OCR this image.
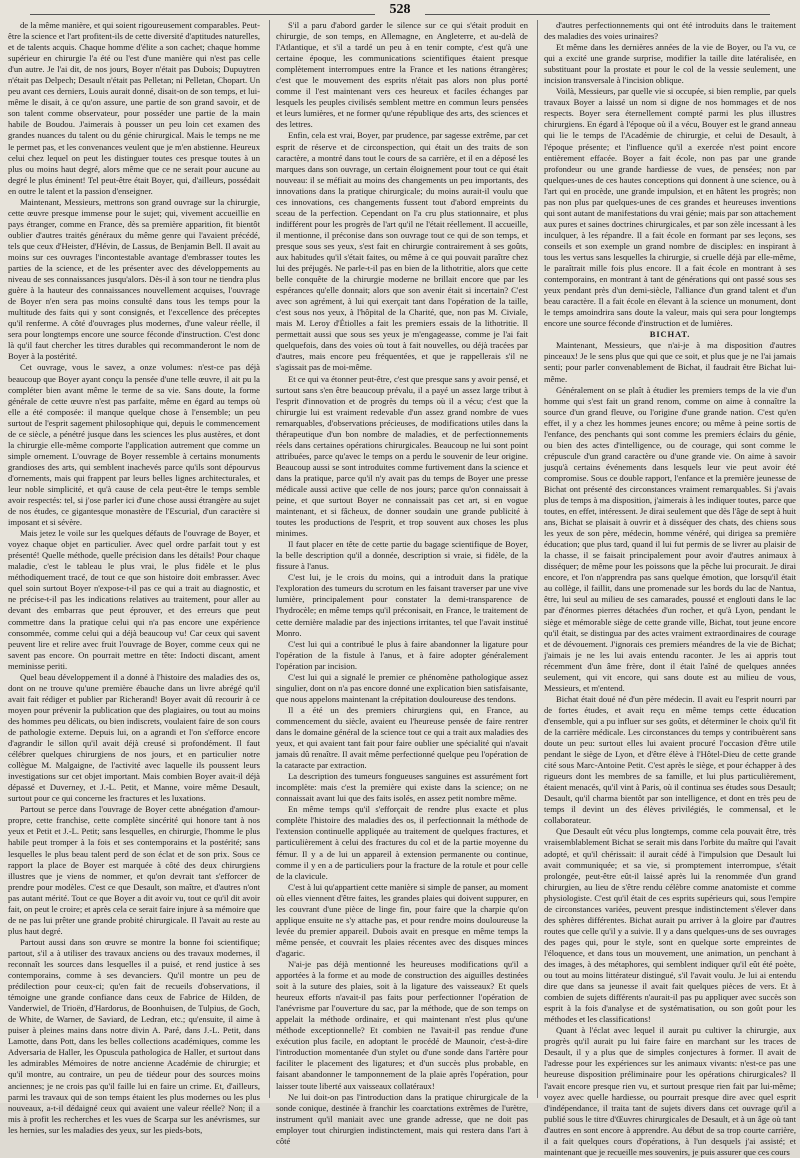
528

de la même manière, et qui soient rigoureusement comparables. Peut-être la science et l'art profitent-ils de cette diversité d'aptitudes naturelles, et de talents acquis. Chaque homme d'élite a son cachet; chaque homme supérieur en chirurgie l'a été ou l'est d'une manière qui n'est pas celle d'un autre. Je l'ai dit, de nos jours, Boyer n'était pas Dubois; Dupuytren n'était pas Delpech; Desault n'était pas Pelletan; ni Pelletan, Chopart. Un peu avant ces derniers, Louis aurait donné, disait-on de son temps, et lui-même le disait, à ce qu'on assure, une partie de son grand savoir, et de son talent comme observateur, pour posséder une partie de la main habile de Boudou. J'aimerais à pousser un peu loin cet examen des grandes nuances du talent ou du génie chirurgical. Mais le temps ne me le permet pas, et les convenances veulent que je m'en abstienne. Heureux celui chez lequel on peut les distinguer toutes ces presque toutes à un plus ou moins haut degré, alors même que ce ne serait pour aucune au degré le plus éminent! Tel peut-être était Boyer, qui, d'ailleurs, possédait en outre le talent et la passion d'enseigner.

Maintenant, Messieurs, mettrons son grand ouvrage sur la chirurgie, cette œuvre presque immense pour le sujet; qui, vivement accueillie en pays étranger, comme en France, dès sa première apparition, fit bientôt oublier d'autres traités généraux du même genre qui l'avaient précédé, tels que ceux d'Heister, d'Hévin, de Lassus, de Benjamin Bell. Il avait au moins sur ces ouvrages l'incontestable avantage d'embrasser toutes les parties de la science, et de les présenter avec des développements au niveau de ses connaissances jusqu'alors. Dès-il à son tour ne tiendra plus guère à la hauteur des connaissances nouvellement acquises, l'ouvrage de Boyer n'en sera pas moins consulté dans tous les temps pour la multitude des faits qui y sont consignés, et l'excellence des préceptes qu'il renferme. A côté d'ouvrages plus modernes, d'une valeur réelle, il sera pour longtemps encore une source féconde d'instruction. C'est donc là qu'il faut chercher les titres durables qui recommanderont le nom de Boyer à la postérité.

Cet ouvrage, vous le savez, a onze volumes: n'est-ce pas déjà beaucoup que Boyer ayant conçu la pensée d'une telle œuvre, il ait pu la compléter bien avant même le terme de sa vie. Sans doute, la forme générale de cette œuvre n'est pas parfaite, même en égard au temps où elle a été composée: il manque quelque chose à l'ensemble; un peu surtout de l'esprit sagement philosophique qui, depuis le commencement de ce siècle, a pénétré jusque dans les sciences les plus austères, et dont la chirurgie elle-même comporte l'application autrement que comme un simple ornement. L'ouvrage de Boyer ressemble à certains monuments grandioses des arts, qui semblent inachevés parce qu'ils sont dépourvus d'ornements, mais qui frappent par leurs belles lignes architecturales, et leur noble simplicité, et qu'à cause de cela peut-être le temps semble avoir respectés: tel, si j'ose parler ici d'une chose aussi étrangère au sujet de nos études, ce gigantesque monastère de l'Escurial, d'un caractère si imposant et si sévère.

Mais jetez le voile sur les quelques défauts de l'ouvrage de Boyer, et voyez chaque objet en particulier. Avec quel ordre parfait tout y est présenté! Quelle méthode, quelle précision dans les détails! Pour chaque maladie, c'est le tableau le plus vrai, le plus fidèle et le plus méthodiquement tracé, de tout ce que son histoire doit embrasser. Avec quel soin surtout Boyer n'expose-t-il pas ce qui a trait au diagnostic, et ne précise-t-il pas les indications relatives au traitement, pour aller au devant des embarras que peut éprouver, et des erreurs que peut commettre dans la pratique celui qui n'a pas encore une expérience consommée, comme celui qui a déjà beaucoup vu! Car ceux qui savent peuvent lire et relire avec fruit l'ouvrage de Boyer, comme ceux qui ne savent pas encore. On pourrait mettre en tête: Indocti discant, ament meminisse periti.

Quel beau développement il a donné à l'histoire des maladies des os, dont on ne trouve qu'une première ébauche dans un livre abrégé qu'il avait fait rédiger et publier par Richerand! Boyer avait dû recourir à ce moyen pour prévenir la publication que des plagiaires, ou tout au moins des hommes peu délicats, ou bien indiscrets, voulaient faire de son cours de pathologie externe. Depuis lui, on a agrandi et l'on s'efforce encore d'agrandir le sillon qu'il avait déjà creusé si profondément. Il faut célébrer quelques chirurgiens de nos jours, et en particulier notre collègue M. Malgaigne, de l'activité avec laquelle ils poussent leurs investigations sur cet objet important. Mais combien Boyer avait-il déjà dépassé et Duverney, et J.-L. Petit, et Manne, voire même Desault, surtout pour ce qui concerne les fractures et les luxations.

Partout se perce dans l'ouvrage de Boyer cette abnégation d'amour-propre, cette franchise, cette complète sincérité qui honore tant à nos yeux et Petit et J.-L. Petit; sans lesquelles, en chirurgie, l'homme le plus habile peut tromper à la fois et ses contemporains et la postérité; sans lesquelles le plus beau talent perd de son éclat et de son prix. Sous ce rapport la place de Boyer est marquée à côté des deux chirurgiens illustres que je viens de nommer, et qu'on devrait tant s'efforcer de prendre pour modèles. C'est ce que Desault, son maître, et d'autres n'ont pas autant mérité. Tout ce que Boyer a dit avoir vu, tout ce qu'il dit avoir fait, on peut le croire; et après cela ce serait faire injure à sa mémoire que de ne pas lui prêter une grande probité chirurgicale. Il l'avait au reste au plus haut degré.

Partout aussi dans son œuvre se montre la bonne foi scientifique; partout, s'il a à utiliser des travaux anciens ou des travaux modernes, il reconnaît les sources dans lesquelles il a puisé, et rend justice à ses contemporains, comme à ses devanciers. Qu'il montre un peu de prédilection pour ceux-ci; qu'en fait de recueils d'observations, il témoigne une grande confiance dans ceux de Fabrice de Hilden, de Vanderwiel, de Trioën, d'Hardorus, de Boonhuisen, de Tulpius, de Goch, de White, de Warner, de Saviard, de Ledran, etc.; qu'ensuite, il aime à puiser à pleines mains dans notre divin A. Paré, dans J.-L. Petit, dans Lamotte, dans Pott, dans les belles collections académiques, comme les Adversaria de Haller, les Opuscula pathologica de Haller, et surtout dans les admirables Mémoires de notre ancienne Académie de chirurgie; et qu'il montre, au contraire, un peu de tiédeur pour des sources moins anciennes; je ne crois pas qu'il faille lui en faire un crime. Et, d'ailleurs, parmi les travaux qui de son temps étaient les plus modernes ou les plus nouveaux, a-t-il dédaigné ceux qui avaient une valeur réelle? Non; il a mis à profit les recherches et les vues de Scarpa sur les anévrismes, sur les hernies, sur les maladies des yeux, sur les pieds-bots,

S'il a paru d'abord garder le silence sur ce qui s'était produit en chirurgie, de son temps, en Allemagne, en Angleterre, et au-delà de l'Atlantique, et s'il a tardé un peu à en tenir compte, c'est qu'à une certaine époque, les communications scientifiques étaient presque complètement interrompues entre la France et les nations étrangères; c'est que le mouvement des esprits n'était pas alors non plus porté comme il l'est maintenant vers ces heureux et faciles échanges par lesquels les peuples civilisés semblent mettre en commun leurs pensées et leurs lumières, et ne former qu'une république des arts, des sciences et des lettres.

Enfin, cela est vrai, Boyer, par prudence, par sagesse extrême, par cet esprit de réserve et de circonspection, qui était un des traits de son caractère, a montré dans tout le cours de sa carrière, et il en a déposé les marques dans son ouvrage, un certain éloignement pour tout ce qui était nouveau: il se méfiait au moins des changements un peu importants, des innovations dans la pratique chirurgicale; du moins aurait-il voulu que ces innovations, ces changements fussent tout d'abord empreints du sceau de la perfection. Cependant on l'a cru plus stationnaire, et plus indifférent pour les progrès de l'art qu'il ne l'était réellement. Il accueille, il mentionne, il préconise dans son ouvrage tout ce qui de son temps, et presque sous ses yeux, s'est fait en chirurgie contrairement à ses goûts, aux habitudes qu'il s'était faites, ou même à ce qui pouvait paraître chez lui des préjugés. Ne parle-t-il pas en bien de la lithotritie, alors que cette belle conquête de la chirurgie moderne ne brillait encore que par les espérances qu'elle donnait; alors que son avenir était si incertain? C'est avec son agrément, à lui qui exerçait tant dans l'opération de la taille, c'est sous nos yeux, à l'hôpital de la Charité, que, non pas M. Civiale, mais M. Leroy d'Étiolles a fait les premiers essais de la lithotritie. Il permettait aussi que sous ses yeux je m'engageasse, comme je l'ai fait quelquefois, dans des voies où tout à fait nouvelles, ou déjà tracées par d'autres, mais encore peu fréquentées, et que je rappellerais s'il ne s'agissait pas de moi-même.

Et ce qui va étonner peut-être, c'est que presque sans y avoir pensé, et surtout sans s'en être beaucoup prévalu, il a payé un assez large tribut à l'esprit d'innovation et de progrès du temps où il a vécu; c'est que la chirurgie lui est vraiment redevable d'un assez grand nombre de vues remarquables, d'observations précieuses, de modifications utiles dans la thérapeutique d'un bon nombre de maladies, et de perfectionnements réels dans certaines opérations chirurgicales. Beaucoup ne lui sont point attribuées, parce qu'avec le temps on a perdu le souvenir de leur origine. Beaucoup aussi se sont introduites comme furtivement dans la science et dans la pratique, parce qu'il n'y avait pas du temps de Boyer une presse médicale aussi active que celle de nos jours; parce qu'on connaissait à peine, et que surtout Boyer ne connaissait pas cet art, si en vogue maintenant, et si fâcheux, de donner soudain une grande publicité à toutes les productions de l'esprit, et trop souvent aux choses les plus minimes.

Il faut placer en tête de cette partie du bagage scientifique de Boyer, la belle description qu'il a donnée, description si vraie, si fidèle, de la fissure à l'anus.

C'est lui, je le crois du moins, qui a introduit dans la pratique l'exploration des tumeurs du scrotum en les faisant traverser par une vive lumière, principalement pour constater la demi-transparence de l'hydrocèle; en même temps qu'il préconisait, en France, le traitement de cette dernière maladie par des injections irritantes, tel que l'avait institué Monro.

C'est lui qui a contribué le plus à faire abandonner la ligature pour l'opération de la fistule à l'anus, et à faire adopter généralement l'opération par incision.

C'est lui qui a signalé le premier ce phénomène pathologique assez singulier, dont on n'a pas encore donné une explication bien satisfaisante, que nous appelons maintenant la crépitation douloureuse des tendons.

Il a été un des premiers chirurgiens qui, en France, au commencement du siècle, avaient eu l'heureuse pensée de faire rentrer dans le domaine général de la science tout ce qui a trait aux maladies des yeux, et qui avaient tant fait pour faire oublier une spécialité qui n'avait jamais dû renaître. Il avait même perfectionné quelque peu l'opération de la cataracte par extraction.

La description des tumeurs fongueuses sanguines est assurément fort incomplète: mais c'est la première qui existe dans la science; on ne connaissait avant lui que des faits isolés, en assez petit nombre même.

En même temps qu'il s'efforçait de rendre plus exacte et plus complète l'histoire des maladies des os, il perfectionnait la méthode de l'extension continuelle appliquée au traitement de quelques fractures, et particulièrement à celui des fractures du col et de la partie moyenne du fémur. Il y a de lui un appareil à extension permanente ou continue, comme il y en a de particuliers pour la fracture de la rotule et pour celle de la clavicule.

C'est à lui qu'appartient cette manière si simple de panser, au moment où elles viennent d'être faites, les grandes plaies qui doivent suppurer, en les couvrant d'une pièce de linge fin, pour faire que la charpie qu'on applique ensuite ne s'y attache pas, et pour rendre moins douloureuse la levée du premier appareil. Dubois avait en presque en même temps la même pensée, et couvrait les plaies récentes avec des disques minces d'agaric.

N'ai-je pas déjà mentionné les heureuses modifications qu'il a apportées à la forme et au mode de construction des aiguilles destinées soit à la suture des plaies, soit à la ligature des vaisseaux? Et quels heureux efforts n'avait-il pas faits pour perfectionner l'opération de l'anévrisme par l'ouverture du sac, par la méthode, que de son temps on appelait la méthode ordinaire, et qui maintenant n'est plus qu'une méthode exceptionnelle? Et combien ne l'avait-il pas rendue d'une exécution plus facile, en adoptant le procédé de Maunoir, c'est-à-dire l'introduction momentanée d'un stylet ou d'une sonde dans l'artère pour faciliter le placement des ligatures; et d'un succès plus probable, en faisant abandonner le tamponnement de la plaie après l'opération, pour laisser toute liberté aux vaisseaux collatéraux!

Ne lui doit-on pas l'introduction dans la pratique chirurgicale de la sonde conique, destinée à franchir les coarctations extrêmes de l'urètre, instrument qu'il maniait avec une grande adresse, que ne doit pas employer tout chirurgien indistinctement, mais qui restera dans l'art à côté

d'autres perfectionnements qui ont été introduits dans le traitement des maladies des voies urinaires?

Et même dans les dernières années de la vie de Boyer, ou l'a vu, ce qui a excité une grande surprise, modifier la taille dite latéralisée, en substituant pour la prostate et pour le col de la vessie seulement, une incision transversale à l'incision oblique.

Voilà, Messieurs, par quelle vie si occupée, si bien remplie, par quels travaux Boyer a laissé un nom si digne de nos hommages et de nos respects. Boyer sera éternellement compté parmi les plus illustres chirurgiens. En égard à l'époque où il a vécu, Bouyer est le grand anneau qui lie le temps de l'Académie de chirurgie, et celui de Desault, à l'époque présente; et l'influence qu'il a exercée n'est point encore entièrement effacée. Boyer a fait école, non pas par une grande profondeur ou une grande hardiesse de vues, de pensées; non par quelques-unes de ces hautes conceptions qui donnent à une science, ou à l'art qui en procède, une grande impulsion, et en hâtent les progrès; non pas non plus par quelques-unes de ces grandes et heureuses inventions qui sont autant de manifestations du vrai génie; mais par son attachement aux pures et saines doctrines chirurgicales, et par son zèle incessant à les inculquer, à les répandre. Il a fait école en formant par ses leçons, ses conseils et son exemple un grand nombre de disciples: en inspirant à tous les vertus sans lesquelles la chirurgie, si cruelle déjà par elle-même, le paraîtrait mille fois plus encore. Il a fait école en montrant à ses contemporains, en montrant à tant de générations qui ont passé sous ses yeux pendant près d'un demi-siècle, l'alliance d'un grand talent et d'un beau caractère. Il a fait école en élevant à la science un monument, dont le temps amoindrira sans doute la valeur, mais qui sera pour longtemps encore une source féconde d'instruction et de lumières.

BICHAT.

Maintenant, Messieurs, que n'ai-je à ma disposition d'autres pinceaux! Je le sens plus que qui que ce soit, et plus que je ne l'ai jamais senti; pour parler convenablement de Bichat, il faudrait être Bichat lui-même.

Généralement on se plaît à étudier les premiers temps de la vie d'un homme qui s'est fait un grand renom, comme on aime à connaître la source d'un grand fleuve, ou l'origine d'une grande nation. C'est qu'en effet, il y a chez les hommes jeunes encore; ou même à peine sortis de l'enfance, des penchants qui sont comme les premiers éclairs du génie, ou bien des actes d'intelligence, ou de courage, qui sont comme le crépuscule d'un grand caractère ou d'une grande vie. On aime à savoir jusqu'à certains événements dans lesquels leur vie peut avoir été compromise. Sous ce double rapport, l'enfance et la première jeunesse de Bichat ont présenté des circonstances vraiment remarquables. Si j'avais plus de temps à ma disposition, j'aimerais à les indiquer toutes, parce que toutes, en effet, intéressent. Je dirai seulement que dès l'âge de sept à huit ans, Bichat se plaisait à ouvrir et à disséquer des chats, des chiens sous les yeux de son père, médecin, homme vénéré, qui dirigea sa première éducation; que plus tard, quand il lui fut permis de se livrer au plaisir de la chasse, il se faisait principalement pour avoir d'autres animaux à disséquer; de même pour les poissons que la pêche lui procurait. Je dirai encore, et l'on n'apprendra pas sans quelque émotion, que lorsqu'il était au collège, il faillit, dans une promenade sur les bords du lac de Nantua, être, lui seul au milieu de ses camarades, poussé et englouti dans le lac par d'énormes pierres détachées d'un rocher, et qu'à Lyon, pendant le siège et mémorable siège de cette grande ville, Bichat, tout jeune encore qu'il était, se distingua par des actes vraiment extraordinaires de courage et de dévouement. J'ignorais ces premiers méandres de la vie de Bichat; j'aimais je ne les lui avais entendu raconter. Je les ai appris tout récemment d'un âme frère, dont il était l'aîné de quelques années seulement, qui vit encore, qui sans doute est au milieu de vous, Messieurs, et m'entend.

Bichat était doué né d'un père médecin. Il avait eu l'esprit nourri par de fortes études, et avait reçu en même temps cette éducation d'ensemble, qui a pu influer sur ses goûts, et déterminer le choix qu'il fit de la carrière médicale. Les circonstances du temps y contribuèrent sans doute un peu: surtout elles lui avaient procuré l'occasion d'être utile pendant le siège de Lyon, et d'être élève à l'Hôtel-Dieu de cette grande cité sous Marc-Antoine Petit. C'est après le siège, et pour échapper à des rigueurs dont les membres de sa famille, et lui plus particulièrement, étaient menacés, qu'il vint à Paris, où il continua ses études sous Desault; Desault, qu'il charma bientôt par son intelligence, et dont en très peu de temps il devint un des élèves privilégiés, le commensal, et le collaborateur.

Que Desault eût vécu plus longtemps, comme cela pouvait être, très vraisemblablement Bichat se serait mis dans l'orbite du maître qui l'avait adopté, et qu'il chérissait: il aurait cédé à l'impulsion que Desault lui avait communiquée; et sa vie, si promptement interrompue, s'était prolongée, peut-être eût-il laissé après lui la renommée d'un grand chirurgien, au lieu de s'être rendu célèbre comme anatomiste et comme physiologiste. C'est qu'il était de ces esprits supérieurs qui, sous l'empire de circonstances variées, peuvent presque indistinctement s'élever dans des sphères différentes. Bichat aurait pu arriver à la gloire par d'autres routes que celle qu'il y a suivie. Il y a dans quelques-uns de ses ouvrages des pages qui, pour le style, sont en quelque sorte empreintes de l'éloquence, et dans tous un mouvement, une animation, un penchant à des images, à des métaphores, qui semblent indiquer qu'il eût été poète, ou tout au moins littérateur distingué, s'il l'avait voulu. Je lui ai entendu dire que dans sa jeunesse il avait fait quelques pièces de vers. Et à combien de sujets différents n'aurait-il pas pu appliquer avec succès son esprit à la fois d'analyse et de systématisation, ou son goût pour les méthodes et les classifications!

Quant à l'éclat avec lequel il aurait pu cultiver la chirurgie, aux progrès qu'il aurait pu lui faire faire en marchant sur les traces de Desault, il y a plus que de simples conjectures à former. Il avait de l'adresse pour les expériences sur les animaux vivants: n'est-ce pas une heureuse disposition préliminaire pour les opérations chirurgicales? Il l'avait encore presque rien vu, et surtout presque rien fait par lui-même; voyez avec quelle hardiesse, ou pourrait presque dire avec quel esprit d'indépendance, il traita tant de sujets divers dans cet ouvrage qu'il a publié sous le titre d'Œuvres chirurgicales de Desault, et à un âge où tant d'autres en sont encore à apprendre. Au début de sa trop courte carrière, il a fait quelques cours d'opérations, à l'un desquels j'ai assisté; et maintenant que je recueille mes souvenirs, je puis assurer que ces cours
